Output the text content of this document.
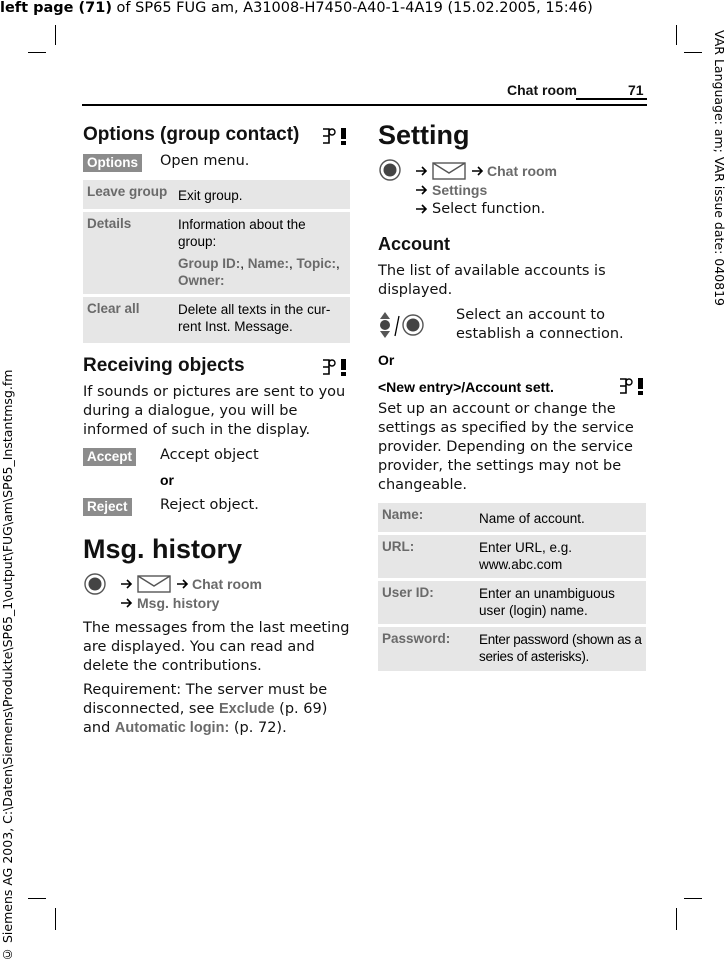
left page (71) of SP65 FUG am, A31008-H7450-A40-1-4A19 (15.02.2005, 15:46)
VAR Language: am; VAR issue date: 040819
© Siemens AG 2003, C:\Daten\Siemens\Produkte\SP65_1\output\FUG\am\SP65_Instantmsg.fm
Chat room	71
Options (group contact)
Options Open menu.
Leave group Exit group.
Details	Information about the group:
Group ID:, Name:, Topic:, Owner:
Clear all	Delete all texts in the cur-rent Inst. Message.
Receiving objects
If sounds or pictures are sent to you during a dialogue, you will be informed of such in the display.
Accept Accept object
or
Reject Reject object.
Msg. history
Chat room
Msg. history
The messages from the last meeting are displayed. You can read and delete the contributions.
Requirement: The server must be disconnected, see Exclude (p. 69) and Automatic login: (p. 72).
Setting
Chat room
Settings
Select function.
Account
The list of available accounts is displayed.
Select an account to establish a connection.
Or
<New entry>/Account sett.
Set up an account or change the settings as specified by the service provider. Depending on the service provider, the settings may not be changeable.
Name:	Name of account.
URL:	Enter URL, e.g. www.abc.com
User ID:	Enter an unambiguous user (login) name.
Password: Enter password (shown as a series of asterisks).
